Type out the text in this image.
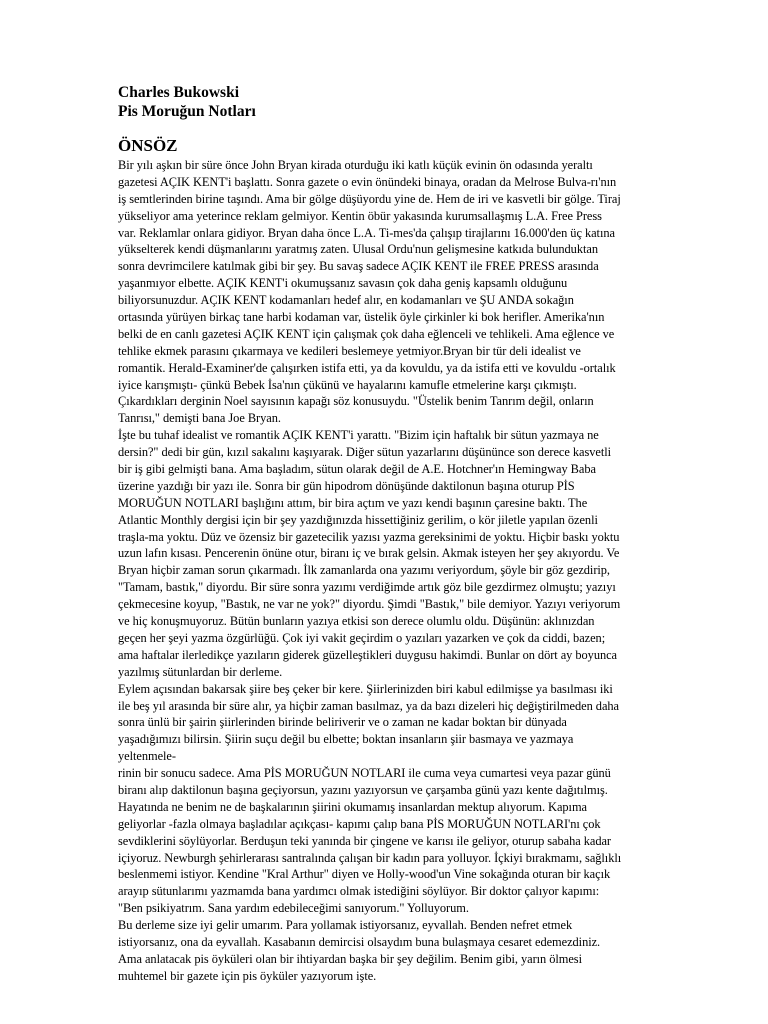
Charles Bukowski
Pis Moruğun Notları
ÖNSÖZ
Bir yılı aşkın bir süre önce John Bryan kirada oturduğu iki katlı küçük evinin ön odasında yeraltı
gazetesi AÇIK KENT'i başlattı. Sonra gazete o evin önündeki binaya, oradan da Melrose Bulva-rı'nın
iş semtlerinden birine taşındı. Ama bir gölge düşüyordu yine de. Hem de iri ve kasvetli bir gölge. Tiraj
yükseliyor ama yeterince reklam gelmiyor. Kentin öbür yakasında kurumsallaşmış L.A. Free Press
var. Reklamlar onlara gidiyor. Bryan daha önce L.A. Ti-mes'da çalışıp tirajlarını 16.000'den üç katına
yükselterek kendi düşmanlarını yaratmış zaten. Ulusal Ordu'nun gelişmesine katkıda bulunduktan
sonra devrimcilere katılmak gibi bir şey. Bu savaş sadece AÇIK KENT ile FREE PRESS arasında
yaşanmıyor elbette. AÇIK KENT'i okumuşsanız savasın çok daha geniş kapsamlı olduğunu
biliyorsunuzdur. AÇIK KENT kodamanları hedef alır, en kodamanları ve ŞU ANDA sokağın
ortasında yürüyen birkaç tane harbi kodaman var, üstelik öyle çirkinler ki bok herifler. Amerika'nın
belki de en canlı gazetesi AÇIK KENT için çalışmak çok daha eğlenceli ve tehlikeli. Ama eğlence ve
tehlike ekmek parasını çıkarmaya ve kedileri beslemeye yetmiyor.Bryan bir tür deli idealist ve
romantik. Herald-Examiner'de çalışırken istifa etti, ya da kovuldu, ya da istifa etti ve kovuldu -ortalık
iyice karışmıştı- çünkü Bebek İsa'nın çükünü ve hayalarını kamufle etmelerine karşı çıkmıştı.
Çıkardıkları derginin Noel sayısının kapağı söz konusuydu. "Üstelik benim Tanrım değil, onların
Tanrısı," demişti bana Joe Bryan.
İşte bu tuhaf idealist ve romantik AÇIK KENT'i yarattı. "Bizim için haftalık bir sütun yazmaya ne
dersin?" dedi bir gün, kızıl sakalını kaşıyarak. Diğer sütun yazarlarını düşününce son derece kasvetli
bir iş gibi gelmişti bana. Ama başladım, sütun olarak değil de A.E. Hotchner'ın Hemingway Baba
üzerine yazdığı bir yazı ile. Sonra bir gün hipodrom dönüşünde daktilonun başına oturup PİS
MORUĞUN NOTLARI başlığını attım, bir bira açtım ve yazı kendi başının çaresine baktı. The
Atlantic Monthly dergisi için bir şey yazdığınızda hissettiğiniz gerilim, o kör jiletle yapılan özenli
traşla-ma yoktu. Düz ve özensiz bir gazetecilik yazısı yazma gereksinimi de yoktu. Hiçbir baskı yoktu
uzun lafın kısası. Pencerenin önüne otur, biranı iç ve bırak gelsin. Akmak isteyen her şey akıyordu. Ve
Bryan hiçbir zaman sorun çıkarmadı. İlk zamanlarda ona yazımı veriyordum, şöyle bir göz gezdirip,
"Tamam, bastık," diyordu. Bir süre sonra yazımı verdiğimde artık göz bile gezdirmez olmuştu; yazıyı
çekmecesine koyup, "Bastık, ne var ne yok?" diyordu. Şimdi "Bastık," bile demiyor. Yazıyı veriyorum
ve hiç konuşmuyoruz. Bütün bunların yazıya etkisi son derece olumlu oldu. Düşünün: aklınızdan
geçen her şeyi yazma özgürlüğü. Çok iyi vakit geçirdim o yazıları yazarken ve çok da ciddi, bazen;
ama haftalar ilerledikçe yazıların giderek güzelleştikleri duygusu hakimdi. Bunlar on dört ay boyunca
yazılmış sütunlardan bir derleme.
Eylem açısından bakarsak şiire beş çeker bir kere. Şiirlerinizden biri kabul edilmişse ya basılması iki
ile beş yıl arasında bir süre alır, ya hiçbir zaman basılmaz, ya da bazı dizeleri hiç değiştirilmeden daha
sonra ünlü bir şairin şiirlerinden birinde beliriverir ve o zaman ne kadar boktan bir dünyada
yaşadığımızı bilirsin. Şiirin suçu değil bu elbette; boktan insanların şiir basmaya ve yazmaya
yeltenmele-
rinin bir sonucu sadece. Ama PİS MORUĞUN NOTLARI ile cuma veya cumartesi veya pazar günü
biranı alıp daktilonun başına geçiyorsun, yazını yazıyorsun ve çarşamba günü yazı kente dağıtılmış.
Hayatında ne benim ne de başkalarının şiirini okumamış insanlardan mektup alıyorum. Kapıma
geliyorlar -fazla olmaya başladılar açıkçası- kapımı çalıp bana PİS MORUĞUN NOTLARI'nı çok
sevdiklerini söylüyorlar. Berduşun teki yanında bir çingene ve karısı ile geliyor, oturup sabaha kadar
içiyoruz. Newburgh şehirlerarası santralında çalışan bir kadın para yolluyor. İçkiyi bırakmamı, sağlıklı
beslenmemi istiyor. Kendine "Kral Arthur" diyen ve Holly-wood'un Vine sokağında oturan bir kaçık
arayıp sütunlarımı yazmamda bana yardımcı olmak istediğini söylüyor. Bir doktor çalıyor kapımı:
"Ben psikiyatrım. Sana yardım edebileceğimi sanıyorum." Yolluyorum.
Bu derleme size iyi gelir umarım. Para yollamak istiyorsanız, eyvallah. Benden nefret etmek
istiyorsanız, ona da eyvallah. Kasabanın demircisi olsaydım buna bulaşmaya cesaret edemezdiniz.
Ama anlatacak pis öyküleri olan bir ihtiyardan başka bir şey değilim. Benim gibi, yarın ölmesi
muhtemel bir gazete için pis öyküler yazıyorum işte.
